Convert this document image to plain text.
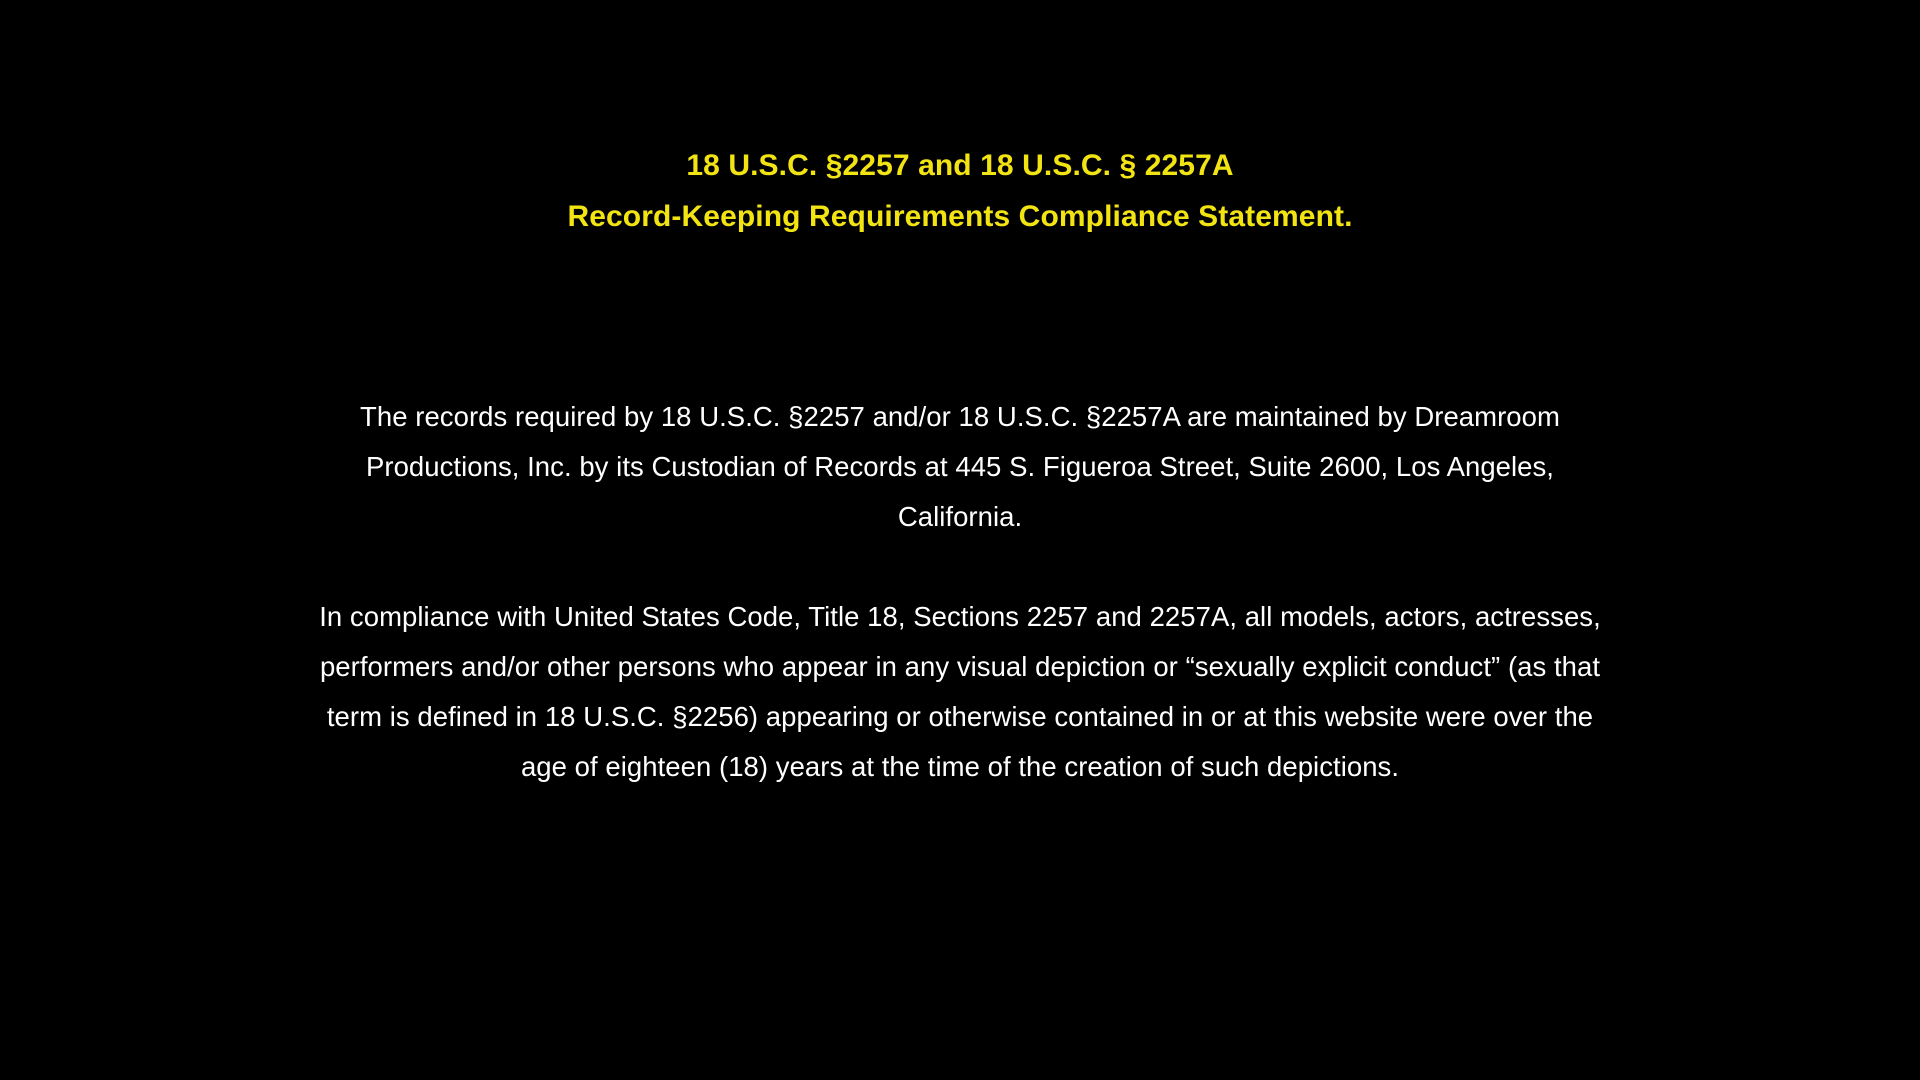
18 U.S.C. §2257 and 18 U.S.C. § 2257A
Record-Keeping Requirements Compliance Statement.

The records required by 18 U.S.C. §2257 and/or 18 U.S.C. §2257A are maintained by Dreamroom Productions, Inc. by its Custodian of Records at 445 S. Figueroa Street, Suite 2600, Los Angeles, California.

In compliance with United States Code, Title 18, Sections 2257 and 2257A, all models, actors, actresses, performers and/or other persons who appear in any visual depiction or “sexually explicit conduct” (as that term is defined in 18 U.S.C. §2256) appearing or otherwise contained in or at this website were over the age of eighteen (18) years at the time of the creation of such depictions.
